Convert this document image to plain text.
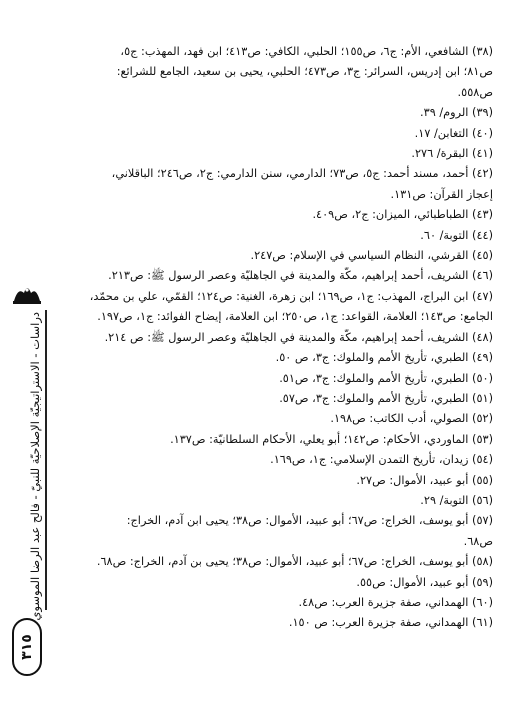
(٣٨) الشافعي، الأم: ج٦، ص١٥٥؛ الحلبي، الكافي: ص٤١٣؛ ابن فهد، المهذب: ج٥،

ص٨١؛ ابن إدريس، السرائر: ج٣، ص٤٧٣؛ الحلبي، يحيى بن سعيد، الجامع للشرائع:

ص٥٥٨.

(٣٩) الروم/ ٣٩.

(٤٠) التغابن/ ١٧.

(٤١) البقرة/ ٢٧٦.

(٤٢) أحمد، مسند أحمد: ج٥، ص٧٣؛ الدارمي، سنن الدارمي: ج٢، ص٢٤٦؛ الباقلاني،

إعجاز القرآن: ص١٣١.

(٤٣) الطباطبائي، الميزان: ج٢، ص٤٠٩.

(٤٤) التوبة/ ٦٠.

(٤٥) القرشي، النظام السياسي في الإسلام: ص٢٤٧.

(٤٦) الشريف، أحمد إبراهيم، مكّة والمدينة في الجاهليّة وعصر الرسول ﷺ: ص٢١٣.

(٤٧) ابن البراج، المهذب: ج١، ص١٦٩؛ ابن زهرة، الغنية: ص١٢٤؛ القمّي، علي بن محمّد،

الجامع: ص١٤٣؛ العلامة، القواعد: ج١، ص٢٥٠؛ ابن العلامة، إيضاح الفوائد: ج١، ص١٩٧.

(٤٨) الشريف، أحمد إبراهيم، مكّة والمدينة في الجاهليّة وعصر الرسول ﷺ: ص ٢١٤.

(٤٩) الطبري، تأريخ الأمم والملوك: ج٣، ص ٥٠.

(٥٠) الطبري، تأريخ الأمم والملوك: ج٣، ص٥١.

(٥١) الطبري، تأريخ الأمم والملوك: ج٣، ص٥٧.

(٥٢) الصولي، أدب الكاتب: ص١٩٨.

(٥٣) الماوردي، الأحكام: ص١٤٢؛ أبو يعلي، الأحكام السلطانيّة: ص١٣٧.

(٥٤) زيدان، تأريخ التمدن الإسلامي: ج١، ص١٦٩.

(٥٥) أبو عبيد، الأموال: ص٢٧.

(٥٦) التوبة/ ٢٩.

(٥٧) أبو يوسف، الخراج: ص٦٧؛ أبو عبيد، الأموال: ص٣٨؛ يحيى ابن آدم، الخراج:

ص٦٨.

(٥٨) أبو يوسف، الخراج: ص٦٧؛ أبو عبيد، الأموال: ص٣٨؛ يحيى بن آدم، الخراج: ص٦٨.

(٥٩) أبو عبيد، الأموال: ص٥٥.

(٦٠) الهمداني، صفة جزيرة العرب: ص٤٨.

(٦١) الهمداني، صفة جزيرة العرب: ص ١٥٠.

دراسات - الاستراتيجيّة الإصلاحيّة للنبيّ - فالح عبد الرضا الموسوي
٣١٥
